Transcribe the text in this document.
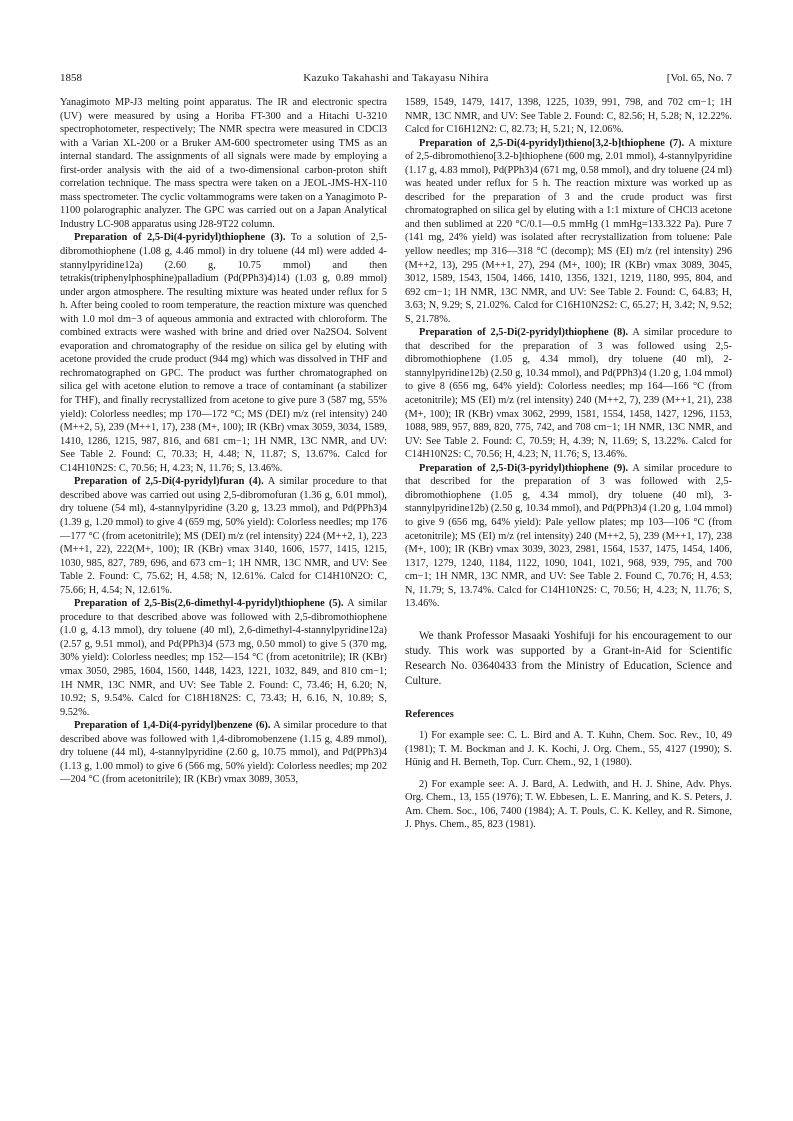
1858	Kazuko Takahashi and Takayasu Nihira	[Vol. 65, No. 7

Yanagimoto MP-J3 melting point apparatus. The IR and electronic spectra (UV) were measured by using a Horiba FT-300 and a Hitachi U-3210 spectrophotometer, respectively; The NMR spectra were measured in CDCl3 with a Varian XL-200 or a Bruker AM-600 spectrometer using TMS as an internal standard. The assignments of all signals were made by employing a first-order analysis with the aid of a two-dimensional carbon-proton shift correlation technique. The mass spectra were taken on a JEOL-JMS-HX-110 mass spectrometer. The cyclic voltammograms were taken on a Yanagimoto P-1100 polarographic analyzer. The GPC was carried out on a Japan Analytical Industry LC-908 apparatus using J28-9T22 column.

Preparation of 2,5-Di(4-pyridyl)thiophene (3). To a solution of 2,5-dibromothiophene (1.08 g, 4.46 mmol) in dry toluene (44 ml) were added 4-stannylpyridine12a) (2.60 g, 10.75 mmol) and then tetrakis(triphenylphosphine)palladium (Pd(PPh3)4)14) (1.03 g, 0.89 mmol) under argon atmosphere. The resulting mixture was heated under reflux for 5 h. After being cooled to room temperature, the reaction mixture was quenched with 1.0 mol dm−3 of aqueous ammonia and extracted with chloroform. The combined extracts were washed with brine and dried over Na2SO4. Solvent evaporation and chromatography of the residue on silica gel by eluting with acetone provided the crude product (944 mg) which was dissolved in THF and rechromatographed on GPC. The product was further chromatographed on silica gel with acetone elution to remove a trace of contaminant (a stabilizer for THF), and finally recrystallized from acetone to give pure 3 (587 mg, 55% yield): Colorless needles; mp 170—172 °C; MS (DEI) m/z (rel intensity) 240 (M++2, 5), 239 (M++1, 17), 238 (M+, 100); IR (KBr) νmax 3059, 3034, 1589, 1410, 1286, 1215, 987, 816, and 681 cm−1; 1H NMR, 13C NMR, and UV: See Table 2. Found: C, 70.33; H, 4.48; N, 11.87; S, 13.67%. Calcd for C14H10N2S: C, 70.56; H, 4.23; N, 11.76; S, 13.46%.

Preparation of 2,5-Di(4-pyridyl)furan (4). A similar procedure to that described above was carried out using 2,5-dibromofuran (1.36 g, 6.01 mmol), dry toluene (54 ml), 4-stannylpyridine (3.20 g, 13.23 mmol), and Pd(PPh3)4 (1.39 g, 1.20 mmol) to give 4 (659 mg, 50% yield): Colorless needles; mp 176—177 °C (from acetonitrile); MS (DEI) m/z (rel intensity) 224 (M++2, 1), 223 (M++1, 22), 222(M+, 100); IR (KBr) νmax 3140, 1606, 1577, 1415, 1215, 1030, 985, 827, 789, 696, and 673 cm−1; 1H NMR, 13C NMR, and UV: See Table 2. Found: C, 75.62; H, 4.58; N, 12.61%. Calcd for C14H10N2O: C, 75.66; H, 4.54; N, 12.61%.

Preparation of 2,5-Bis(2,6-dimethyl-4-pyridyl)thiophene (5). A similar procedure to that described above was followed with 2,5-dibromothiophene (1.0 g, 4.13 mmol), dry toluene (40 ml), 2,6-dimethyl-4-stannylpyridine12a) (2.57 g, 9.51 mmol), and Pd(PPh3)4 (573 mg, 0.50 mmol) to give 5 (370 mg, 30% yield): Colorless needles; mp 152—154 °C (from acetonitrile); IR (KBr) νmax 3050, 2985, 1604, 1560, 1448, 1423, 1221, 1032, 849, and 810 cm−1; 1H NMR, 13C NMR, and UV: See Table 2. Found: C, 73.46; H, 6.20; N, 10.92; S, 9.54%. Calcd for C18H18N2S: C, 73.43; H, 6.16, N, 10.89; S, 9.52%.

Preparation of 1,4-Di(4-pyridyl)benzene (6). A similar procedure to that described above was followed with 1,4-dibromobenzene (1.15 g, 4.89 mmol), dry toluene (44 ml), 4-stannylpyridine (2.60 g, 10.75 mmol), and Pd(PPh3)4 (1.13 g, 1.00 mmol) to give 6 (566 mg, 50% yield): Colorless needles; mp 202—204 °C (from acetonitrile); IR (KBr) νmax 3089, 3053,

1589, 1549, 1479, 1417, 1398, 1225, 1039, 991, 798, and 702 cm−1; 1H NMR, 13C NMR, and UV: See Table 2. Found: C, 82.56; H, 5.28; N, 12.22%. Calcd for C16H12N2: C, 82.73; H, 5.21; N, 12.06%.

Preparation of 2,5-Di(4-pyridyl)thieno[3,2-b]thiophene (7). A mixture of 2,5-dibromothieno[3.2-b]thiophene (600 mg, 2.01 mmol), 4-stannylpyridine (1.17 g, 4.83 mmol), Pd(PPh3)4 (671 mg, 0.58 mmol), and dry toluene (24 ml) was heated under reflux for 5 h. The reaction mixture was worked up as described for the preparation of 3 and the crude product was first chromatographed on silica gel by eluting with a 1:1 mixture of CHCl3 acetone and then sublimed at 220 °C/0.1—0.5 mmHg (1 mmHg=133.322 Pa). Pure 7 (141 mg, 24% yield) was isolated after recrystallization from toluene: Pale yellow needles; mp 316—318 °C (decomp); MS (EI) m/z (rel intensity) 296 (M++2, 13), 295 (M++1, 27), 294 (M+, 100); IR (KBr) νmax 3089, 3045, 3012, 1589, 1543, 1504, 1466, 1410, 1356, 1321, 1219, 1180, 995, 804, and 692 cm−1; 1H NMR, 13C NMR, and UV: See Table 2. Found: C, 64.83; H, 3.63; N, 9.29; S, 21.02%. Calcd for C16H10N2S2: C, 65.27; H, 3.42; N, 9.52; S, 21.78%.

Preparation of 2,5-Di(2-pyridyl)thiophene (8). A similar procedure to that described for the preparation of 3 was followed using 2,5-dibromothiophene (1.05 g, 4.34 mmol), dry toluene (40 ml), 2-stannylpyridine12b) (2.50 g, 10.34 mmol), and Pd(PPh3)4 (1.20 g, 1.04 mmol) to give 8 (656 mg, 64% yield): Colorless needles; mp 164—166 °C (from acetonitrile); MS (EI) m/z (rel intensity) 240 (M++2, 7), 239 (M++1, 21), 238 (M+, 100); IR (KBr) νmax 3062, 2999, 1581, 1554, 1458, 1427, 1296, 1153, 1088, 989, 957, 889, 820, 775, 742, and 708 cm−1; 1H NMR, 13C NMR, and UV: See Table 2. Found: C, 70.59; H, 4.39; N, 11.69; S, 13.22%. Calcd for C14H10N2S: C, 70.56; H, 4.23; N, 11.76; S, 13.46%.

Preparation of 2,5-Di(3-pyridyl)thiophene (9). A similar procedure to that described for the preparation of 3 was followed with 2,5-dibromothiophene (1.05 g, 4.34 mmol), dry toluene (40 ml), 3-stannylpyridine12b) (2.50 g, 10.34 mmol), and Pd(PPh3)4 (1.20 g, 1.04 mmol) to give 9 (656 mg, 64% yield): Pale yellow plates; mp 103—106 °C (from acetonitrile); MS (EI) m/z (rel intensity) 240 (M++2, 5), 239 (M++1, 17), 238 (M+, 100); IR (KBr) νmax 3039, 3023, 2981, 1564, 1537, 1475, 1454, 1406, 1317, 1279, 1240, 1184, 1122, 1090, 1041, 1021, 968, 939, 795, and 700 cm−1; 1H NMR, 13C NMR, and UV: See Table 2. Found C, 70.76; H, 4.53; N, 11.79; S, 13.74%. Calcd for C14H10N2S: C, 70.56; H, 4.23; N, 11.76; S, 13.46%.

We thank Professor Masaaki Yoshifuji for his encouragement to our study. This work was supported by a Grant-in-Aid for Scientific Research No. 03640433 from the Ministry of Education, Science and Culture.

References

1) For example see: C. L. Bird and A. T. Kuhn, Chem. Soc. Rev., 10, 49 (1981); T. M. Bockman and J. K. Kochi, J. Org. Chem., 55, 4127 (1990); S. Hünig and H. Berneth, Top. Curr. Chem., 92, 1 (1980).

2) For example see: A. J. Bard, A. Ledwith, and H. J. Shine, Adv. Phys. Org. Chem., 13, 155 (1976); T. W. Ebbesen, L. E. Manring, and K. S. Peters, J. Am. Chem. Soc., 106, 7400 (1984); A. T. Pouls, C. K. Kelley, and R. Simone, J. Phys. Chem., 85, 823 (1981).
